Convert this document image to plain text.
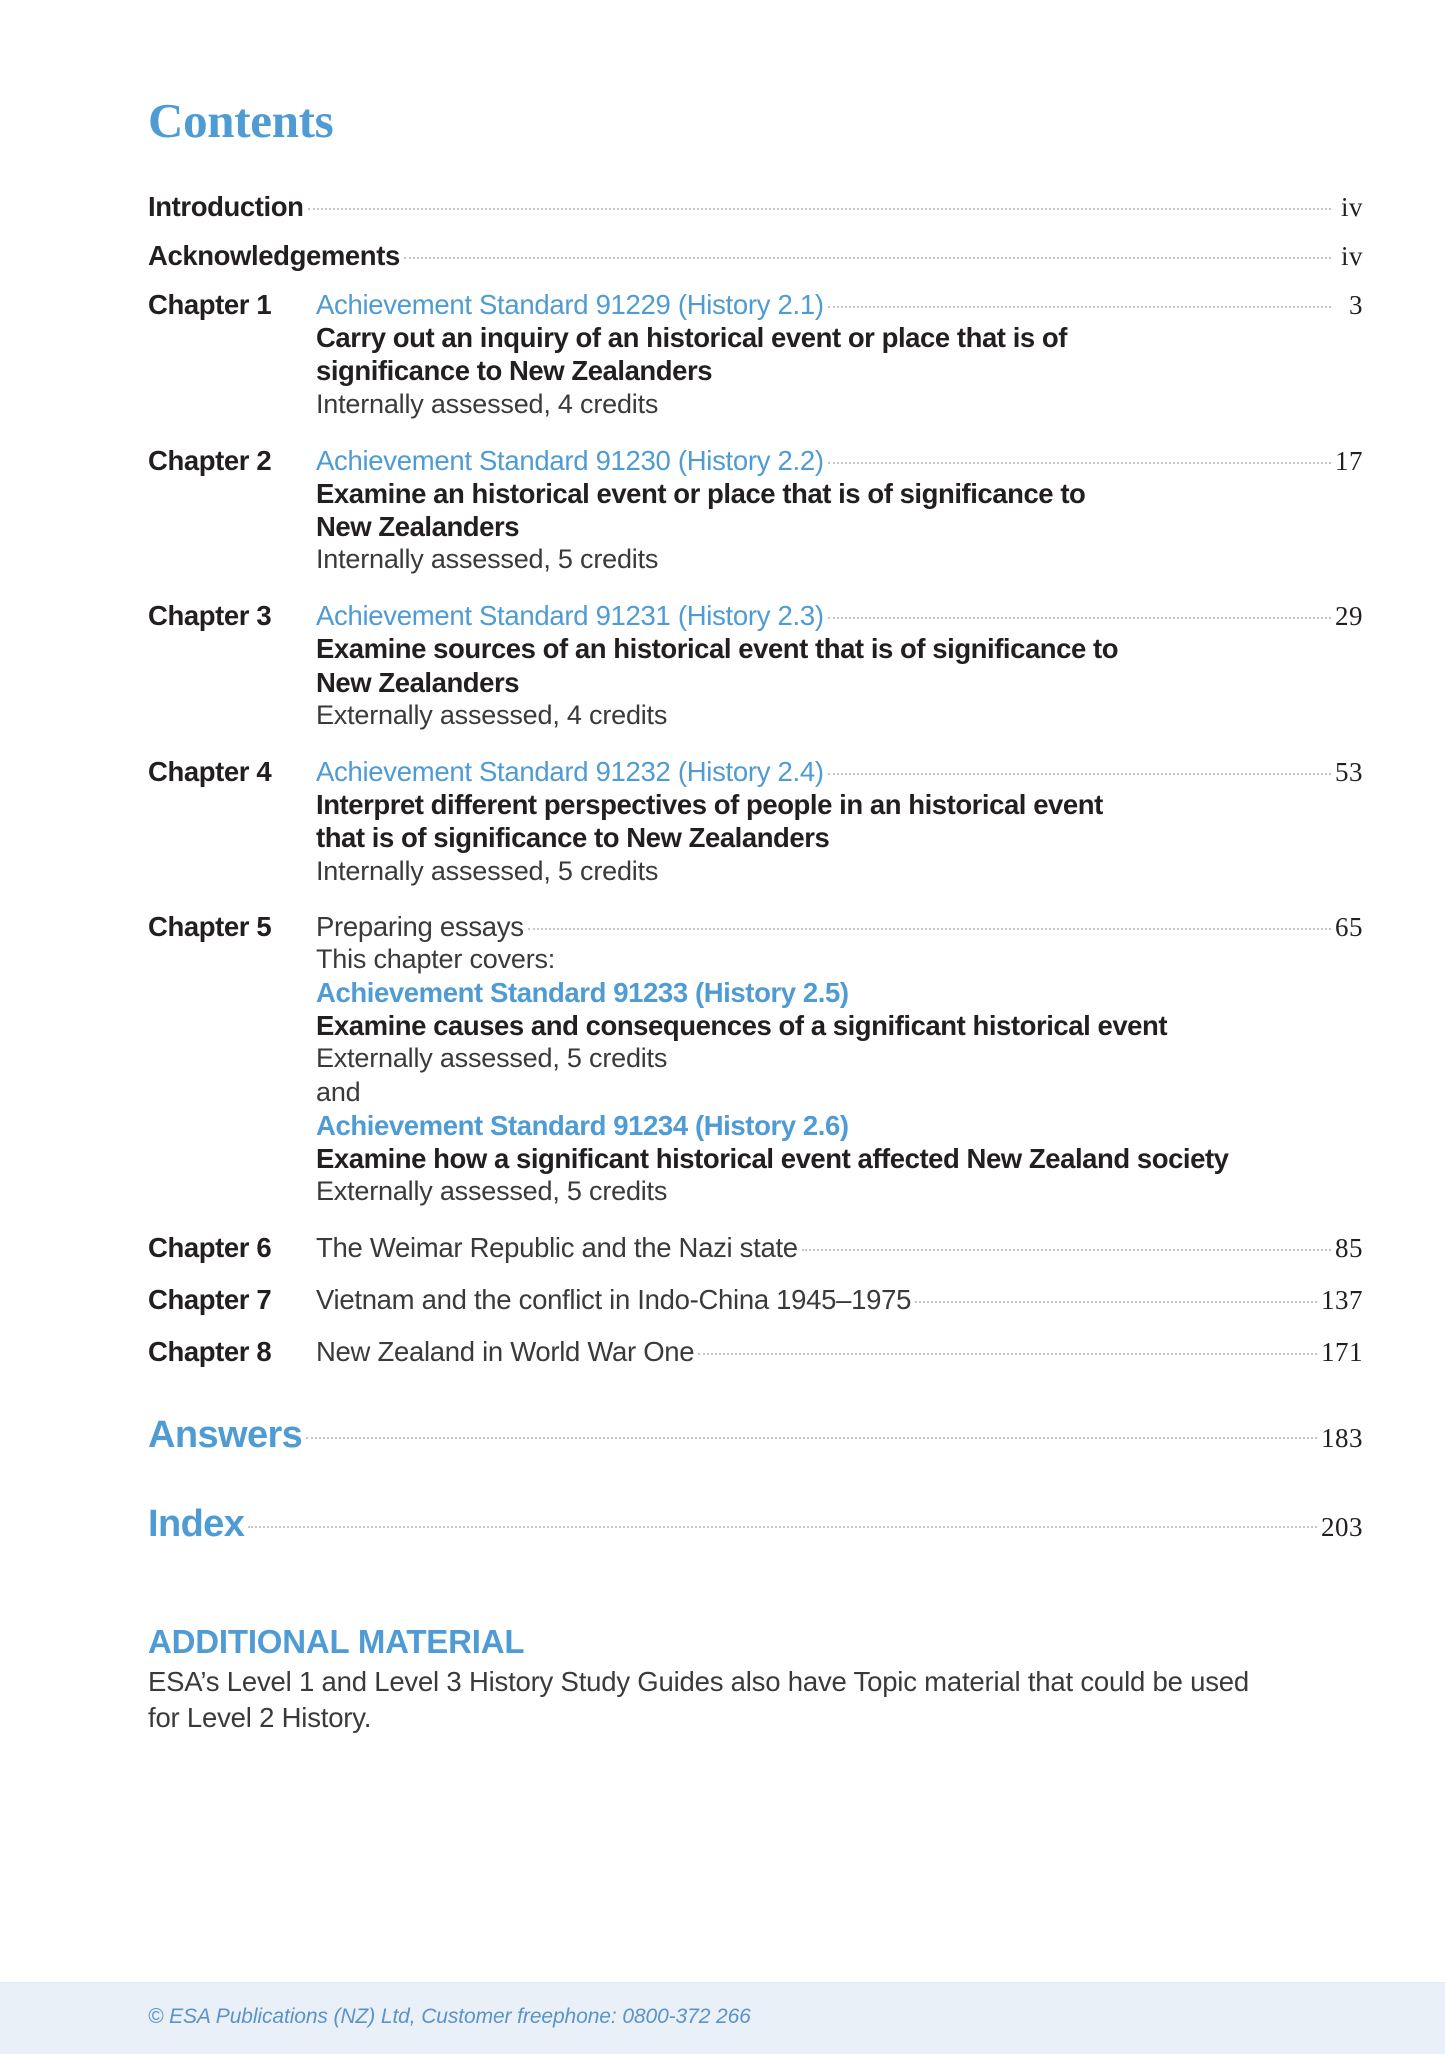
Contents
Introduction	iv
Acknowledgements	iv
Chapter 1	Achievement Standard 91229 (History 2.1)	3
Carry out an inquiry of an historical event or place that is of
significance to New Zealanders
Internally assessed, 4 credits
Chapter 2	Achievement Standard 91230 (History 2.2)	17
Examine an historical event or place that is of significance to
New Zealanders
Internally assessed, 5 credits
Chapter 3	Achievement Standard 91231 (History 2.3)	29
Examine sources of an historical event that is of significance to
New Zealanders
Externally assessed, 4 credits
Chapter 4	Achievement Standard 91232 (History 2.4)	53
Interpret different perspectives of people in an historical event
that is of significance to New Zealanders
Internally assessed, 5 credits
Chapter 5	Preparing essays	65
This chapter covers:
Achievement Standard 91233 (History 2.5)
Examine causes and consequences of a significant historical event
Externally assessed, 5 credits
and
Achievement Standard 91234 (History 2.6)
Examine how a significant historical event affected New Zealand society
Externally assessed, 5 credits
Chapter 6	The Weimar Republic and the Nazi state	85
Chapter 7	Vietnam and the conflict in Indo-China 1945–1975	137
Chapter 8	New Zealand in World War One	171
Answers	183
Index	203
ADDITIONAL MATERIAL

ESA’s Level 1 and Level 3 History Study Guides also have Topic material that could be used for Level 2 History.

© ESA Publications (NZ) Ltd, Customer freephone: 0800-372 266
